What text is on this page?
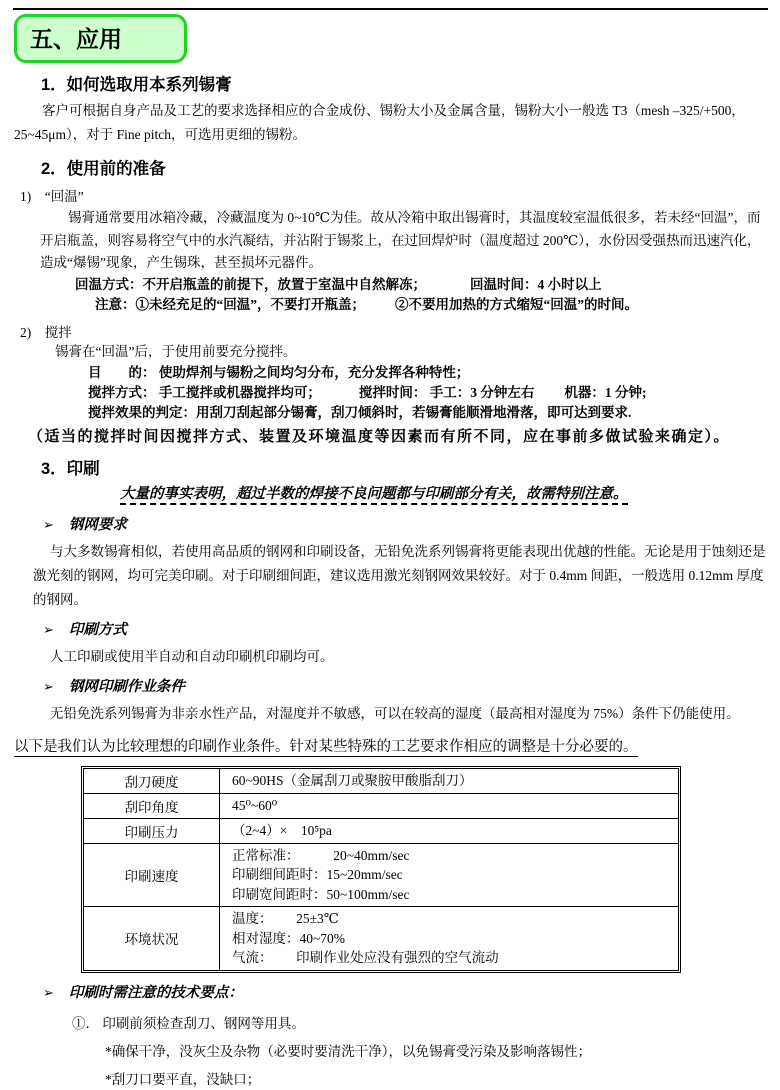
五、应用
1．如何选取用本系列锡膏

客户可根据自身产品及工艺的要求选择相应的合金成份、锡粉大小及金属含量，锡粉大小一般选 T3（mesh –325/+500，25~45μm），对于 Fine pitch，可选用更细的锡粉。

2．使用前的准备
1)　“回温”

锡膏通常要用冰箱冷藏，冷藏温度为 0~10℃为佳。故从冷箱中取出锡膏时，其温度较室温低很多，若未经“回温”，而开启瓶盖，则容易将空气中的水汽凝结，并沾附于锡浆上，在过回焊炉时（温度超过 200℃），水份因受强热而迅速汽化，造成“爆锡”现象，产生锡珠，甚至损坏元器件。

回温方式：不开启瓶盖的前提下，放置于室温中自然解冻；	回温时间：4 小时以上
注意：①未经充足的“回温”，不要打开瓶盖； ②不要用加热的方式缩短“回温”的时间。
2)　搅拌

锡膏在“回温”后，于使用前要充分搅拌。

目　　的： 使助焊剂与锡粉之间均匀分布，充分发挥各种特性；
搅拌方式： 手工搅拌或机器搅拌均可；	搅拌时间： 手工：3 分钟左右 机器：1 分钟;
搅拌效果的判定：用刮刀刮起部分锡膏，刮刀倾斜时，若锡膏能顺滑地滑落，即可达到要求.
（适当的搅拌时间因搅拌方式、装置及环境温度等因素而有所不同，应在事前多做试验来确定）。
3．印刷
大量的事实表明，超过半数的焊接不良问题都与印刷部分有关，故需特别注意。
➢ 钢网要求

与大多数锡膏相似，若使用高品质的钢网和印刷设备，无铅免洗系列锡膏将更能表现出优越的性能。无论是用于蚀刻还是激光刻的钢网，均可完美印刷。对于印刷细间距，建议选用激光刻钢网效果较好。对于 0.4mm 间距，一般选用 0.12mm 厚度的钢网。

➢ 印刷方式

人工印刷或使用半自动和自动印刷机印刷均可。

➢ 钢网印刷作业条件

无铅免洗系列锡膏为非亲水性产品，对湿度并不敏感，可以在较高的湿度（最高相对湿度为 75%）条件下仍能使用。

以下是我们认为比较理想的印刷作业条件。针对某些特殊的工艺要求作相应的调整是十分必要的。
刮刀硬度	60~90HS（金属刮刀或聚胺甲酸脂刮刀）

刮印角度	45⁰~60⁰

印刷压力	（2~4）×　10⁵pa

印刷速度	正常标准：　　　20~40mm/sec
印刷细间距时：15~20mm/sec
印刷宽间距时：50~100mm/sec

环境状况	温度：　　 25±3℃
相对湿度：40~70%
气流：　　 印刷作业处应没有强烈的空气流动
➢ 印刷时需注意的技术要点：
①． 印刷前须检查刮刀、钢网等用具。
*确保干净，没灰尘及杂物（必要时要清洗干净），以免锡膏受污染及影响落锡性；
*刮刀口要平直，没缺口；
